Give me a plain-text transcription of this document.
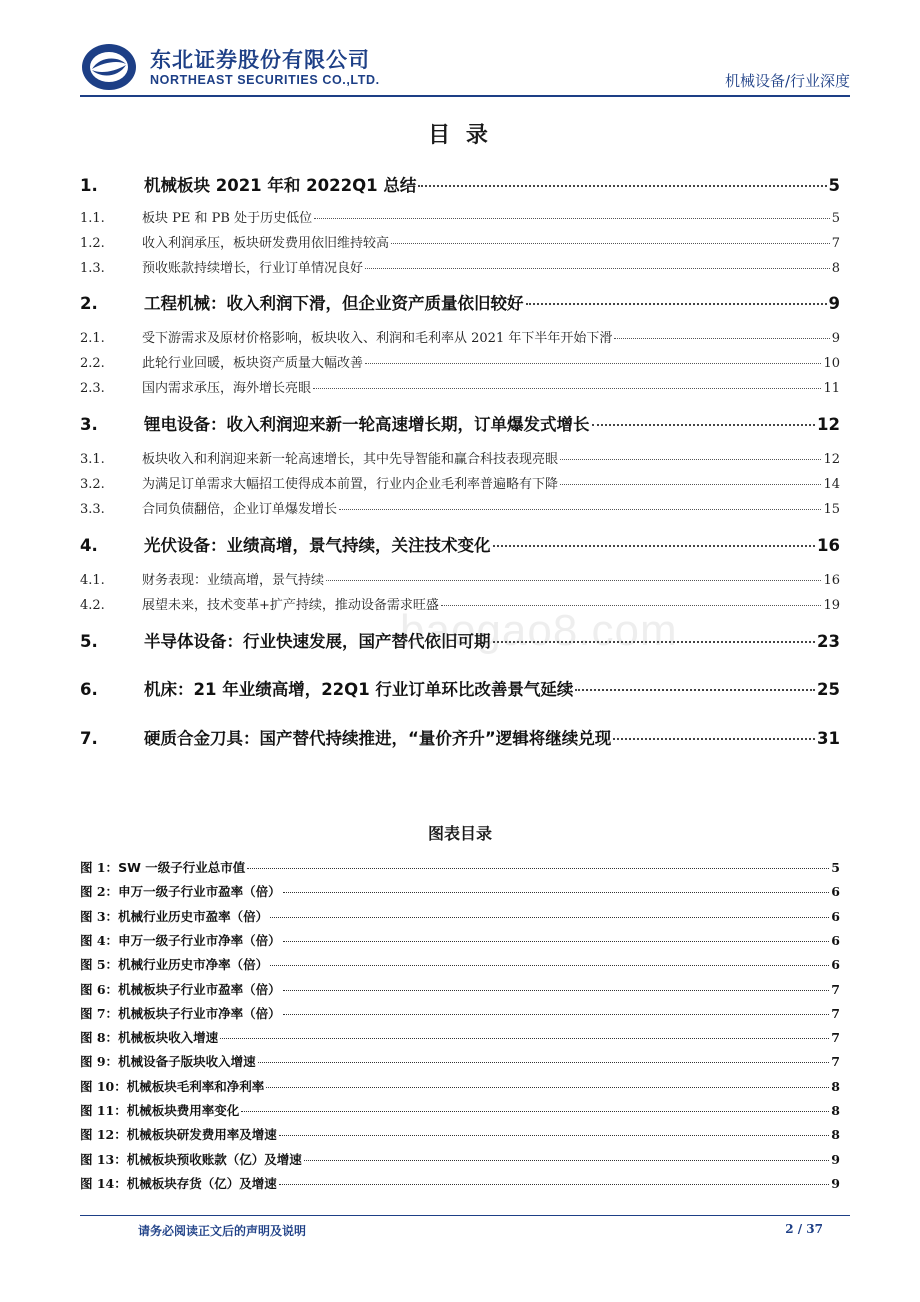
东北证券股份有限公司
NORTHEAST SECURITIES CO.,LTD.	机械设备/行业深度
目 录
1.	机械板块 2021 年和 2022Q1 总结	5
1.1.	板块 PE 和 PB 处于历史低位	5
1.2.	收入利润承压，板块研发费用依旧维持较高	7
1.3.	预收账款持续增长，行业订单情况良好	8
2.	工程机械：收入利润下滑，但企业资产质量依旧较好	9
2.1.	受下游需求及原材价格影响，板块收入、利润和毛利率从 2021 年下半年开始下滑	9
2.2.	此轮行业回暖，板块资产质量大幅改善	10
2.3.	国内需求承压，海外增长亮眼	11
3.	锂电设备：收入利润迎来新一轮高速增长期，订单爆发式增长	12
3.1.	板块收入和利润迎来新一轮高速增长，其中先导智能和赢合科技表现亮眼	12
3.2.	为满足订单需求大幅招工使得成本前置，行业内企业毛利率普遍略有下降	14
3.3.	合同负债翻倍，企业订单爆发增长	15
4.	光伏设备：业绩高增，景气持续，关注技术变化	16
4.1.	财务表现：业绩高增，景气持续	16
4.2.	展望未来，技术变革+扩产持续，推动设备需求旺盛	19
5.	半导体设备：行业快速发展，国产替代依旧可期	23
6.	机床：21 年业绩高增，22Q1 行业订单环比改善景气延续	25
7.	硬质合金刀具：国产替代持续推进，“量价齐升”逻辑将继续兑现	31
图表目录
图 1： SW 一级子行业总市值	5
图 2： 申万一级子行业市盈率（倍）	6
图 3： 机械行业历史市盈率（倍）	6
图 4： 申万一级子行业市净率（倍）	6
图 5： 机械行业历史市净率（倍）	6
图 6： 机械板块子行业市盈率（倍）	7
图 7： 机械板块子行业市净率（倍）	7
图 8： 机械板块收入增速	7
图 9： 机械设备子版块收入增速	7
图 10： 机械板块毛利率和净利率	8
图 11： 机械板块费用率变化	8
图 12： 机械板块研发费用率及增速	8
图 13： 机械板块预收账款（亿）及增速	9
图 14： 机械板块存货（亿）及增速	9
baogao8.com
请务必阅读正文后的声明及说明	2 / 37
